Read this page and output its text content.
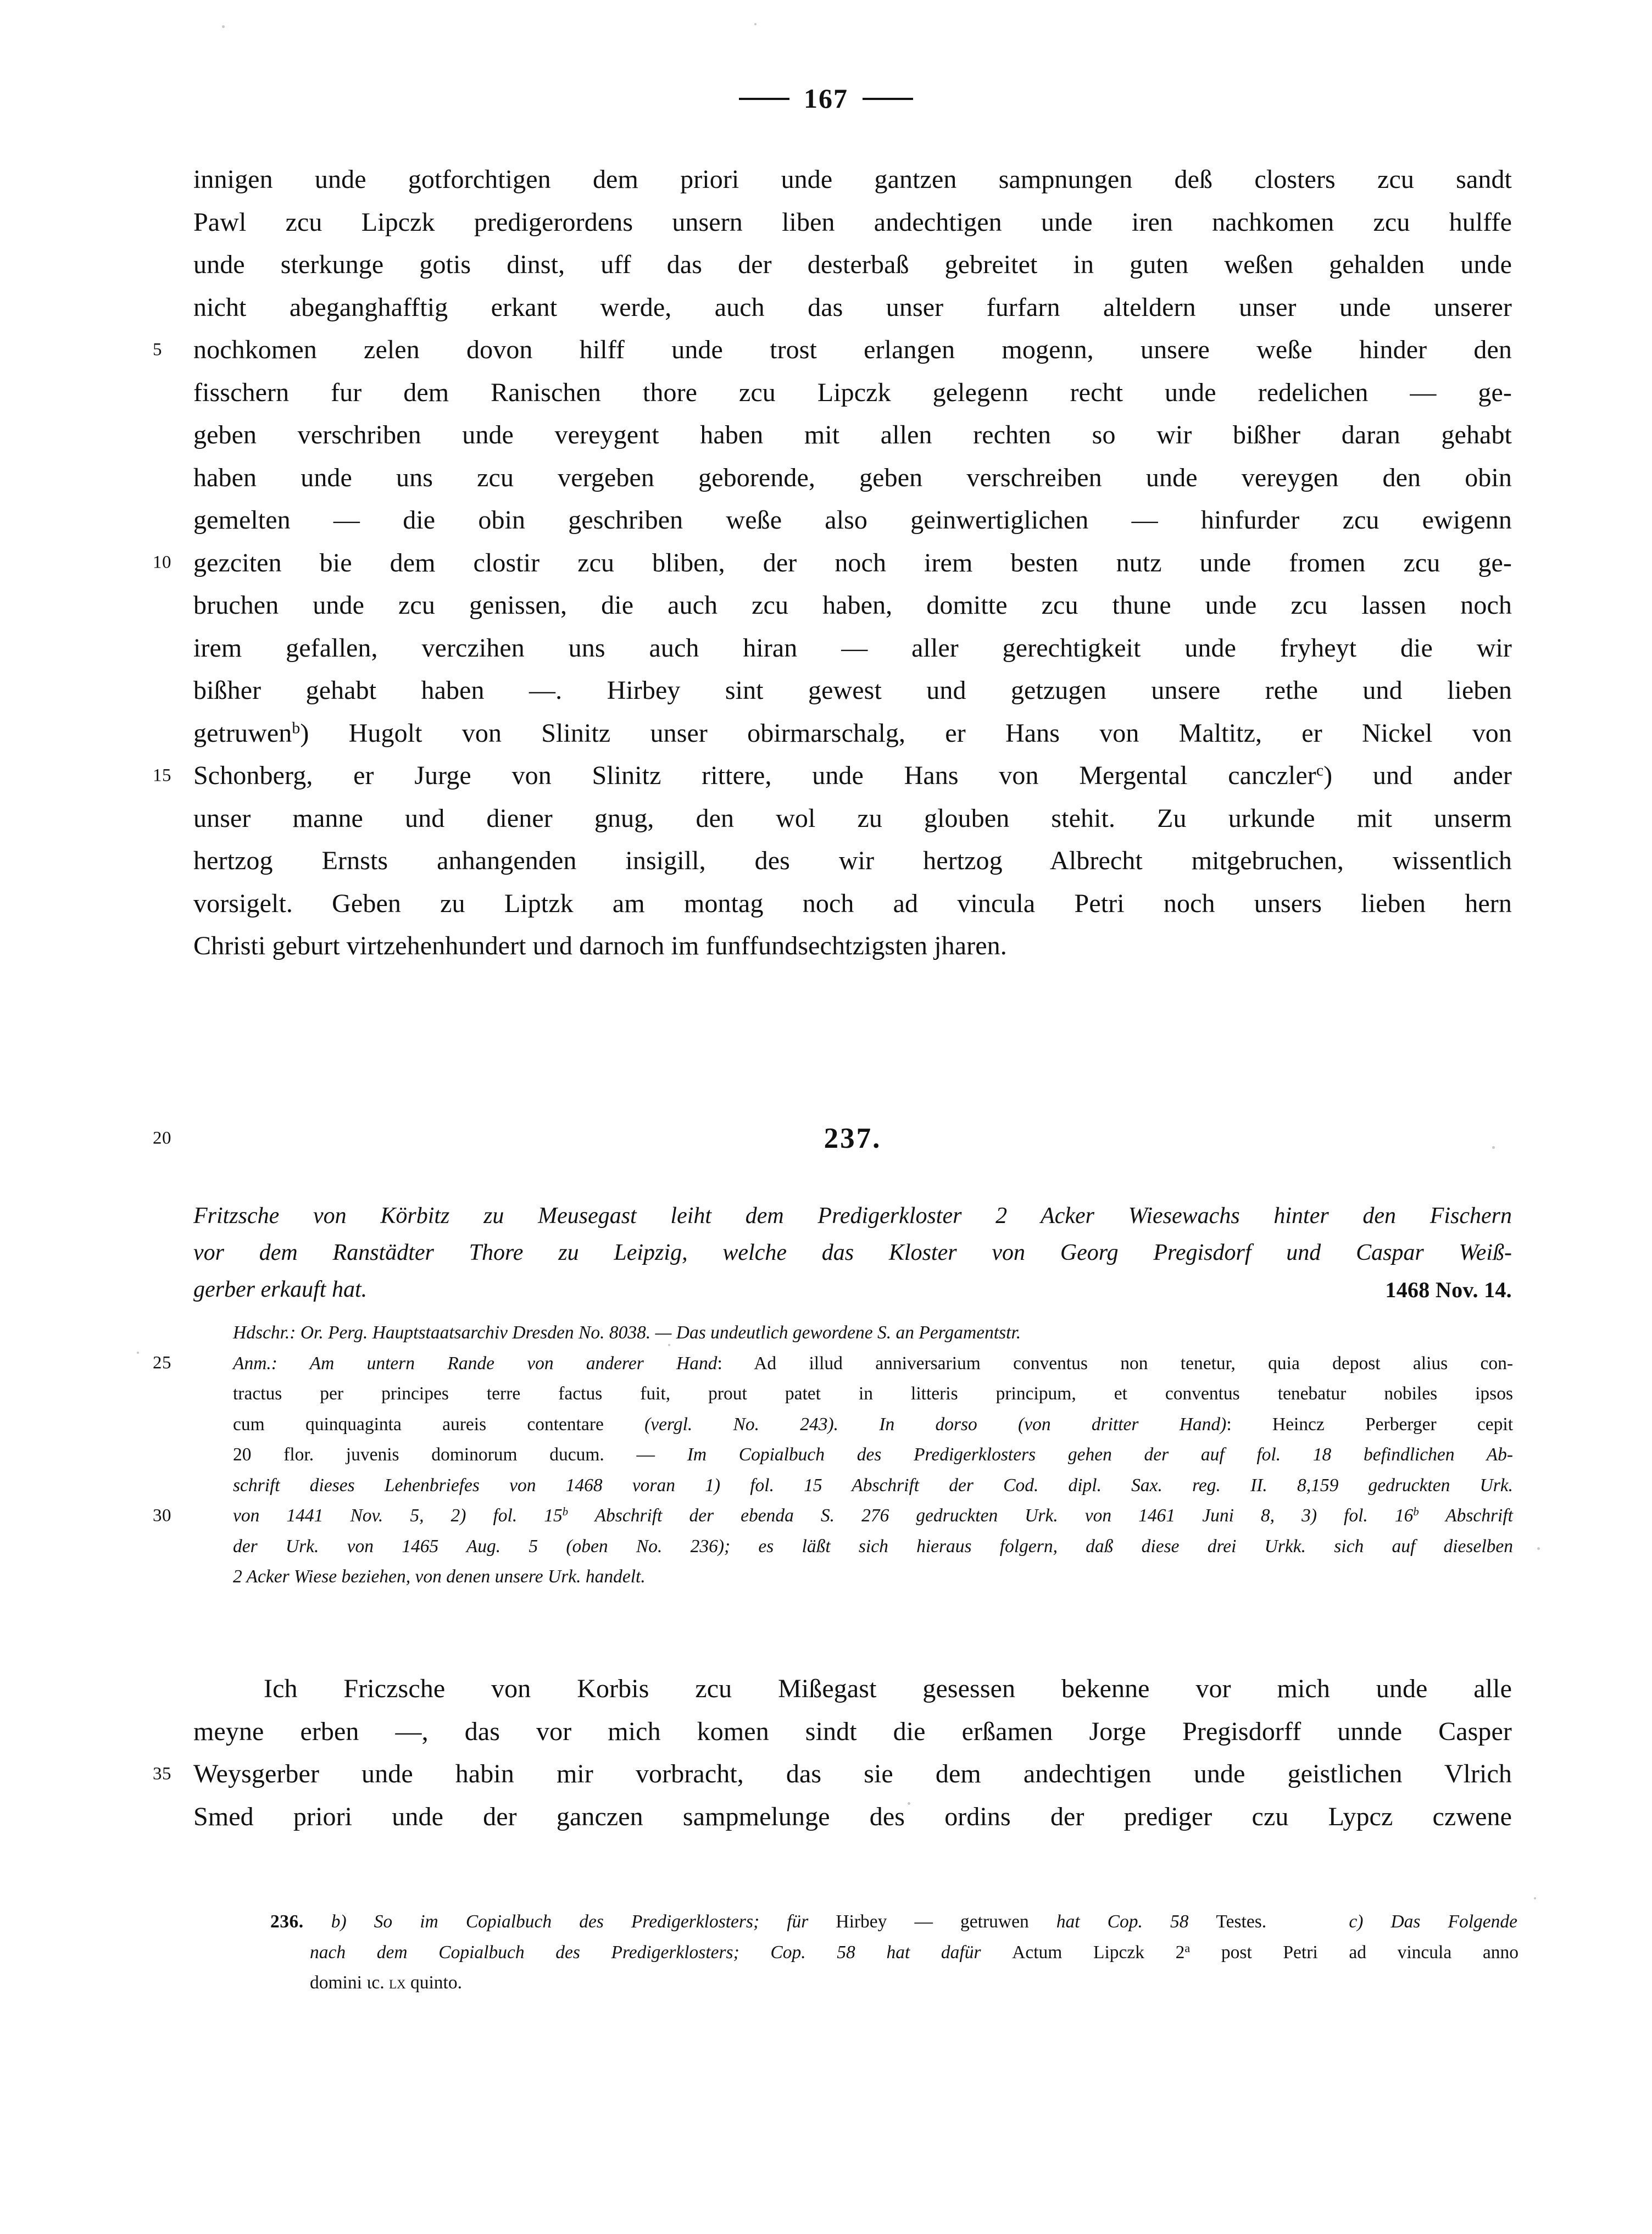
167
innigen unde gotforchtigen dem priori unde gantzen sampnungen deß closters zcu sandt
Pawl zcu Lipczk predigerordens unsern liben andechtigen unde iren nachkomen zcu hulffe
unde sterkunge gotis dinst, uff das der desterbaß gebreitet in guten weßen gehalden unde
nicht abeganghafftig erkant werde, auch das unser furfarn alteldern unser unde unserer
5 nochkomen zelen dovon hilff unde trost erlangen mogenn, unsere weße hinder den
fisschern fur dem Ranischen thore zcu Lipczk gelegenn recht unde redelichen — ge-
geben verschriben unde vereygent haben mit allen rechten so wir bißher daran gehabt
haben unde uns zcu vergeben geborende, geben verschreiben unde vereygen den obin
gemelten — die obin geschriben weße also geinwertiglichen — hinfurder zcu ewigenn
10 gezciten bie dem clostir zcu bliben, der noch irem besten nutz unde fromen zcu ge-
bruchen unde zcu genissen, die auch zcu haben, domitte zcu thune unde zcu lassen noch
irem gefallen, verczihen uns auch hiran — aller gerechtigkeit unde fryheyt die wir
bißher gehabt haben —. Hirbey sint gewest und getzugen unsere rethe und lieben
getruwen$^b$) Hugolt von Slinitz unser obirmarschalg, er Hans von Maltitz, er Nickel von
15 Schonberg, er Jurge von Slinitz rittere, unde Hans von Mergental canczler$^c$) und ander
unser manne und diener gnug, den wol zu glouben stehit. Zu urkunde mit unserm
hertzog Ernsts anhangenden insigill, des wir hertzog Albrecht mitgebruchen, wissentlich
vorsigelt. Geben zu Liptzk am montag noch ad vincula Petri noch unsers lieben hern
Christi geburt virtzehenhundert und darnoch im funffundsechtzigsten jharen.
20	237.
Fritzsche von Körbitz zu Meusegast leiht dem Predigerkloster 2 Acker Wiesewachs hinter den Fischern
vor dem Ranstädter Thore zu Leipzig, welche das Kloster von Georg Pregisdorf und Caspar Weiß-
1468 Nov. 14.
gerber erkauft hat.
Hdschr.: Or. Perg. Hauptstaatsarchiv Dresden No. 8038. — Das undeutlich gewordene S. an Pergamentstr.
25	Anm.: Am untern Rande von anderer Hand: Ad illud anniversarium conventus non tenetur, quia depost alius con-
tractus per principes terre factus fuit, prout patet in litteris principum, et conventus tenebatur nobiles ipsos
cum quinquaginta aureis contentare (vergl. No. 243). In dorso (von dritter Hand): Heincz Perberger cepit
20 flor. juvenis dominorum ducum. — Im Copialbuch des Predigerklosters gehen der auf fol. 18 befindlichen Ab-
schrift dieses Lehenbriefes von 1468 voran 1) fol. 15 Abschrift der Cod. dipl. Sax. reg. II. 8,159 gedruckten Urk.
30	von 1441 Nov. 5, 2) fol. 15$^b$ Abschrift der ebenda S. 276 gedruckten Urk. von 1461 Juni 8, 3) fol. 16$^b$ Abschrift
der Urk. von 1465 Aug. 5 (oben No. 236); es läßt sich hieraus folgern, daß diese drei Urkk. sich auf dieselben
2 Acker Wiese beziehen, von denen unsere Urk. handelt.
Ich Friczsche von Korbis zcu Mißegast gesessen bekenne vor mich unde alle
meyne erben —, das vor mich komen sindt die erßamen Jorge Pregisdorff unnde Casper
35 Weysgerber unde habin mir vorbracht, das sie dem andechtigen unde geistlichen Vlrich
Smed priori unde der ganczen sampmelunge des ordins der prediger czu Lypcz czwene
236. b) So im Copialbuch des Predigerklosters; für Hirbey — getruwen hat Cop. 58 Testes.	c) Das Folgende
nach dem Copialbuch des Predigerklosters; Cop. 58 hat dafür Actum Lipczk 2$^a$ post Petri ad vincula anno
domini ɩc. lx quinto.
